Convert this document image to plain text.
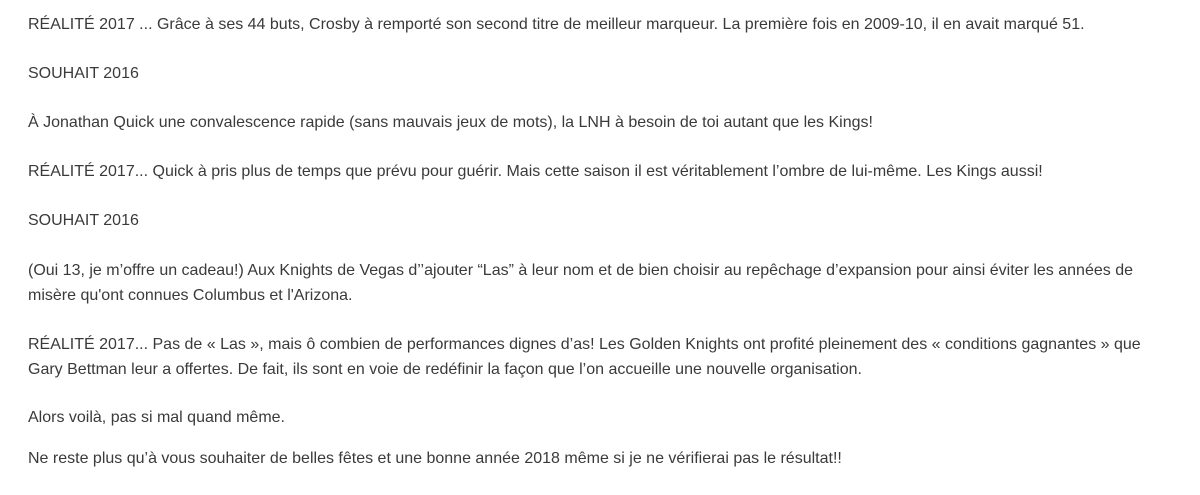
RÉALITÉ 2017 ... Grâce à ses 44 buts, Crosby à remporté son second titre de meilleur marqueur. La première fois en 2009-10, il en avait marqué 51.

SOUHAIT 2016

À Jonathan Quick une convalescence rapide (sans mauvais jeux de mots), la LNH à besoin de toi autant que les Kings!

RÉALITÉ 2017... Quick à pris plus de temps que prévu pour guérir. Mais cette saison il est véritablement l’ombre de lui-même. Les Kings aussi!

SOUHAIT 2016

(Oui 13, je m’offre un cadeau!) Aux Knights de Vegas d’’ajouter “Las” à leur nom et de bien choisir au repêchage d’expansion pour ainsi éviter les années de misère qu'ont connues Columbus et l'Arizona.

RÉALITÉ 2017... Pas de « Las », mais ô combien de performances dignes d’as! Les Golden Knights ont profité pleinement des « conditions gagnantes » que Gary Bettman leur a offertes. De fait, ils sont en voie de redéfinir la façon que l’on accueille une nouvelle organisation.

Alors voilà, pas si mal quand même.

Ne reste plus qu’à vous souhaiter de belles fêtes et une bonne année 2018 même si je ne vérifierai pas le résultat!!
